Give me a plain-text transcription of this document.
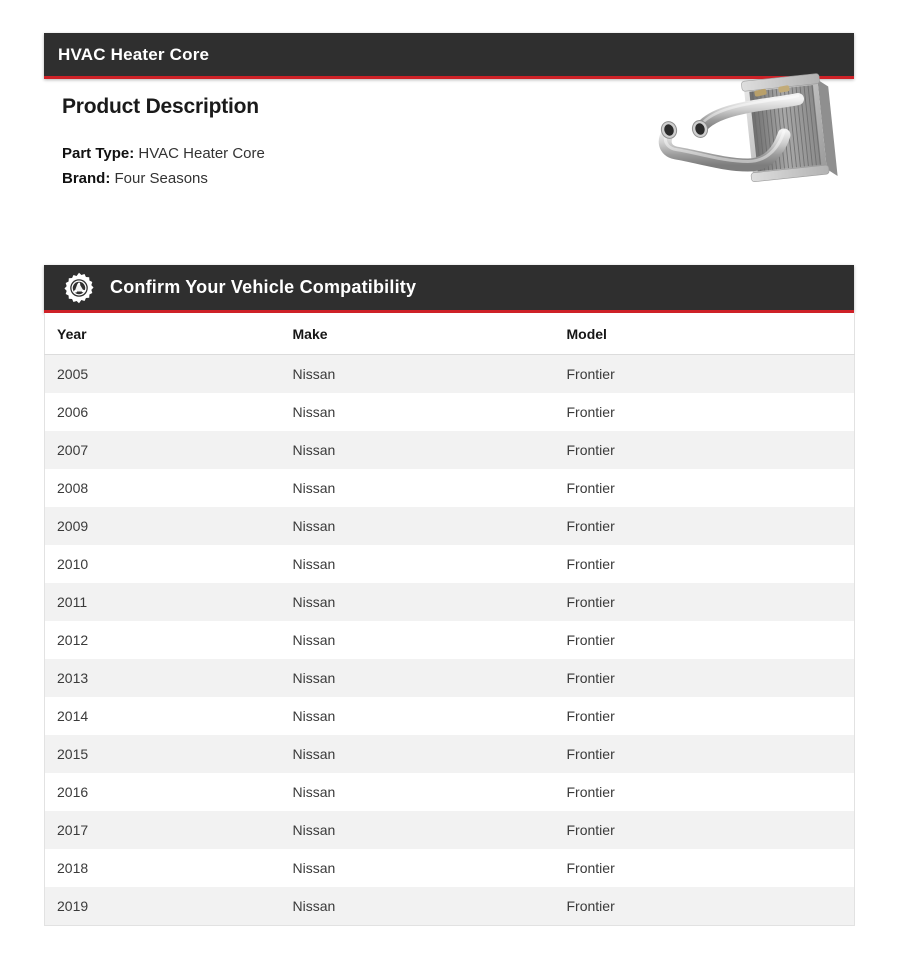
HVAC Heater Core
Product Description
Part Type: HVAC Heater Core
Brand: Four Seasons
Confirm Your Vehicle Compatibility
Year	Make	Model
2005	Nissan	Frontier
2006	Nissan	Frontier
2007	Nissan	Frontier
2008	Nissan	Frontier
2009	Nissan	Frontier
2010	Nissan	Frontier
2011	Nissan	Frontier
2012	Nissan	Frontier
2013	Nissan	Frontier
2014	Nissan	Frontier
2015	Nissan	Frontier
2016	Nissan	Frontier
2017	Nissan	Frontier
2018	Nissan	Frontier
2019	Nissan	Frontier
